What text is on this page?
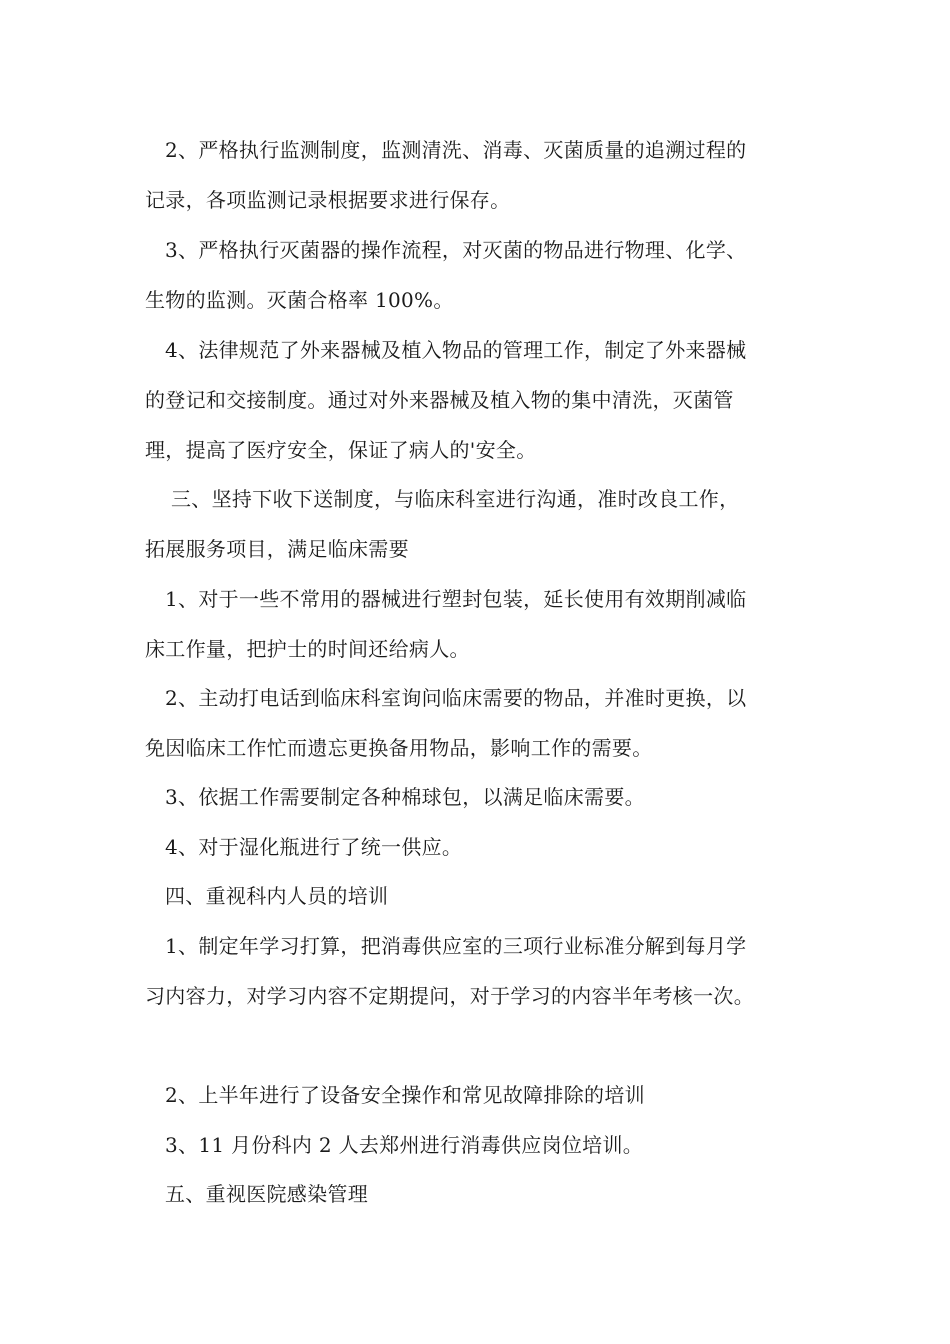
2、严格执行监测制度，监测清洗、消毒、灭菌质量的追溯过程的
记录，各项监测记录根据要求进行保存。
3、严格执行灭菌器的操作流程，对灭菌的物品进行物理、化学、
生物的监测。灭菌合格率 100%。
4、法律规范了外来器械及植入物品的管理工作，制定了外来器械
的登记和交接制度。通过对外来器械及植入物的集中清洗，灭菌管
理，提高了医疗安全，保证了病人的'安全。
三、坚持下收下送制度，与临床科室进行沟通，准时改良工作，
拓展服务项目，满足临床需要
1、对于一些不常用的器械进行塑封包装，延长使用有效期削减临
床工作量，把护士的时间还给病人。
2、主动打电话到临床科室询问临床需要的物品，并准时更换，以
免因临床工作忙而遗忘更换备用物品，影响工作的需要。
3、依据工作需要制定各种棉球包，以满足临床需要。
4、对于湿化瓶进行了统一供应。
四、重视科内人员的培训
1、制定年学习打算，把消毒供应室的三项行业标准分解到每月学
习内容力，对学习内容不定期提问，对于学习的内容半年考核一次。
2、上半年进行了设备安全操作和常见故障排除的培训
3、11 月份科内 2 人去郑州进行消毒供应岗位培训。
五、重视医院感染管理
